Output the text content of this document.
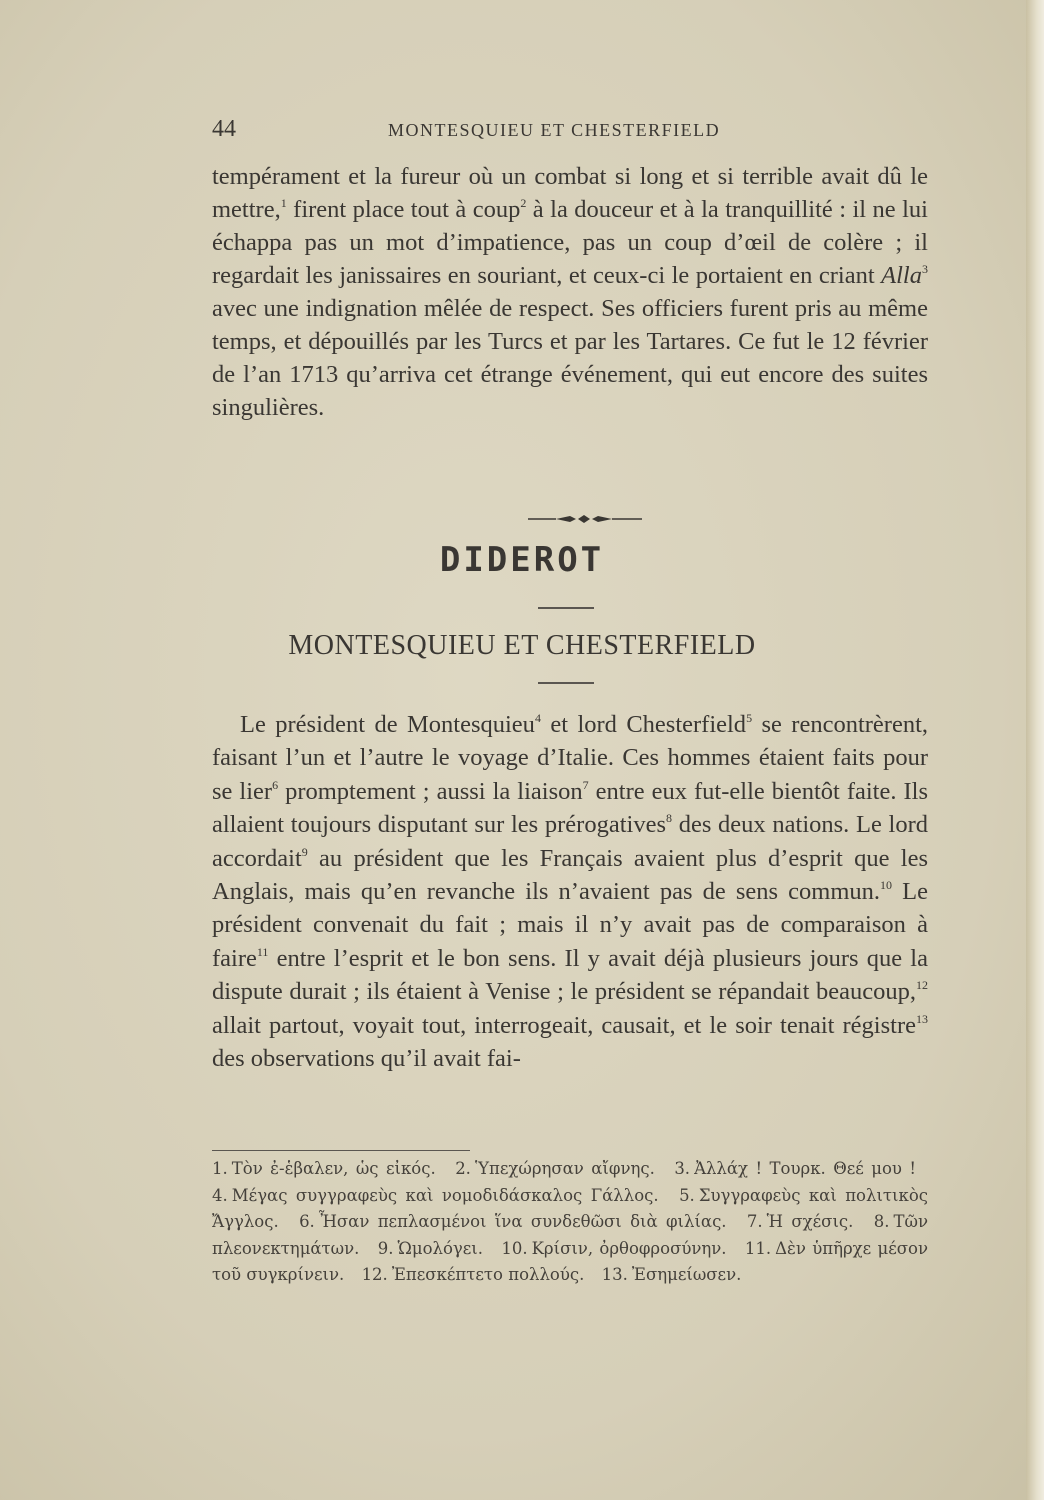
44	MONTESQUIEU ET CHESTERFIELD

tempérament et la fureur où un combat si long et si terrible avait dû le mettre,$^1$ firent place tout à coup$^2$ à la douceur et à la tranquillité : il ne lui échappa pas un mot d’impatience, pas un coup d’œil de colère ; il regardait les janissaires en souriant, et ceux-ci le portaient en criant Alla$^3$ avec une indignation mêlée de respect. Ses officiers furent pris au même temps, et dépouillés par les Turcs et par les Tartares. Ce fut le 12 février de l’an 1713 qu’arriva cet étrange événement, qui eut encore des suites singulières.

DIDEROT
MONTESQUIEU ET CHESTERFIELD

Le président de Montesquieu$^4$ et lord Chesterfield$^5$ se rencontrèrent, faisant l’un et l’autre le voyage d’Italie. Ces hommes étaient faits pour se lier$^6$ promptement ; aussi la liaison$^7$ entre eux fut-elle bientôt faite. Ils allaient toujours disputant sur les prérogatives$^8$ des deux nations. Le lord accordait$^9$ au président que les Français avaient plus d’esprit que les Anglais, mais qu’en revanche ils n’avaient pas de sens commun.$^{10}$ Le président convenait du fait ; mais il n’y avait pas de comparaison à faire$^{11}$ entre l’esprit et le bon sens. Il y avait déjà plusieurs jours que la dispute durait ; ils étaient à Venise ; le président se répandait beaucoup,$^{12}$ allait partout, voyait tout, interrogeait, causait, et le soir tenait régistre$^{13}$ des observations qu’il avait fai-

1. Τὸν ἐ-ἑβαλεν, ὡς εἰκός. 2. Ὑπεχώρησαν αἴφνης. 3. Ἀλλάχ ! Τουρκ. Θεέ μου ! 4. Μέγας συγγραφεὺς καὶ νομοδιδάσκαλος Γάλλος. 5. Συγγραφεὺς καὶ πολιτικὸς Ἄγγλος. 6. Ἦσαν πεπλασμένοι ἵνα συνδεθῶσι διὰ φιλίας. 7. Ἡ σχέσις. 8. Τῶν πλεονεκτημάτων. 9. Ὡμολόγει. 10. Κρίσιν, ὀρθοφροσύνην. 11. Δὲν ὑπῆρχε μέσον τοῦ συγκρίνειν. 12. Ἐπεσκέπτετο πολλούς. 13. Ἐσημείωσεν.
